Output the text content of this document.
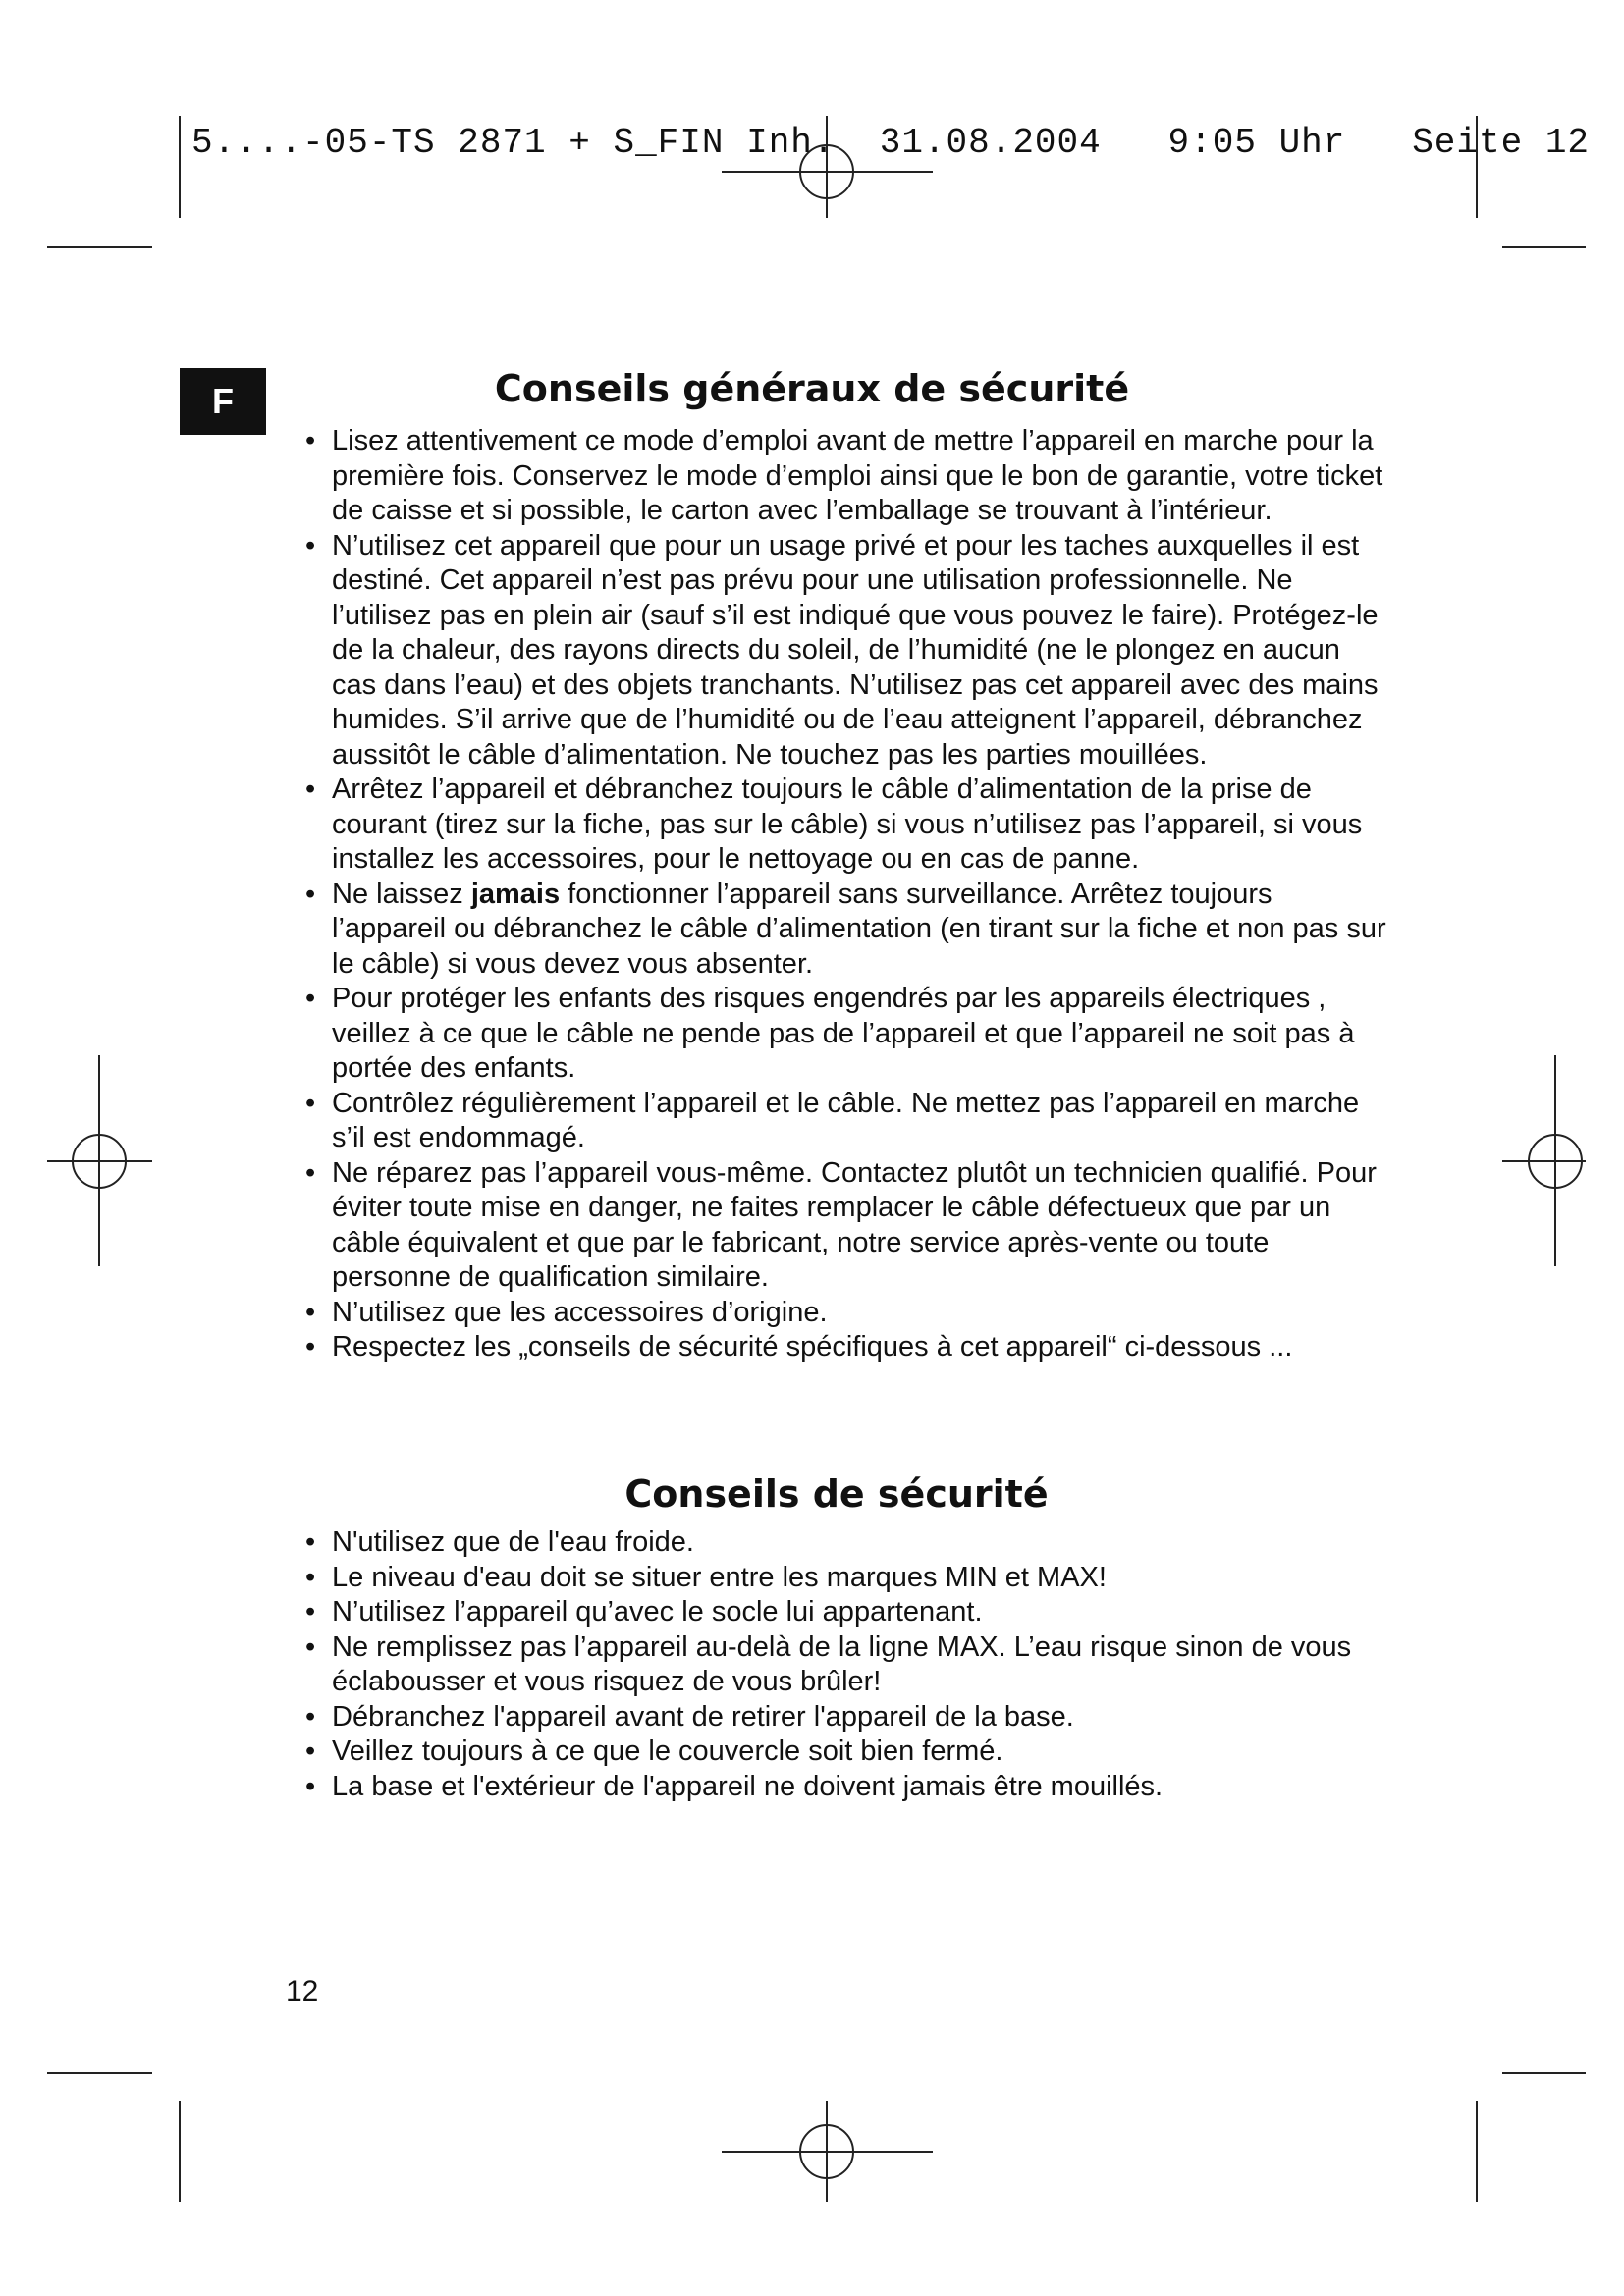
5....-05-TS 2871 + S_FIN Inh.  31.08.2004   9:05 Uhr   Seite 12
F	Conseils généraux de sécurité
• Lisez attentivement ce mode d’emploi avant de mettre l’appareil en marche pour la première fois. Conservez le mode d’emploi ainsi que le bon de garantie, votre ticket de caisse et si possible, le carton avec l’emballage se trouvant à l’intérieur.
• N’utilisez cet appareil que pour un usage privé et pour les taches auxquelles il est destiné. Cet appareil n’est pas prévu pour une utilisation professionnelle. Ne l’utilisez pas en plein air (sauf s’il est indiqué que vous pouvez le faire). Protégez-le de la chaleur, des rayons directs du soleil, de l’humidité (ne le plongez en aucun cas dans l’eau) et des objets tranchants. N’utilisez pas cet appareil avec des mains humides. S’il arrive que de l’humidité ou de l’eau atteignent l’appareil, débranchez aussitôt le câble d’alimentation. Ne touchez pas les parties mouillées.
• Arrêtez l’appareil et débranchez toujours le câble d’alimentation de la prise de courant (tirez sur la fiche, pas sur le câble) si vous n’utilisez pas l’appareil, si vous installez les accessoires, pour le nettoyage ou en cas de panne.
• Ne laissez jamais fonctionner l’appareil sans surveillance. Arrêtez toujours l’appareil ou débranchez le câble d’alimentation (en tirant sur la fiche et non pas sur le câble) si vous devez vous absenter.
• Pour protéger les enfants des risques engendrés par les appareils électriques , veillez à ce que le câble ne pende pas de l’appareil et que l’appareil ne soit pas à portée des enfants.
• Contrôlez régulièrement l’appareil et le câble. Ne mettez pas l’appareil en marche s’il est endommagé.
• Ne réparez pas l’appareil vous-même. Contactez plutôt un technicien qualifié. Pour éviter toute mise en danger, ne faites remplacer le câble défectueux que par un câble équivalent et que par le fabricant, notre service après-vente ou toute personne de qualification similaire.
• N’utilisez que les accessoires d’origine.
• Respectez les „conseils de sécurité spécifiques à cet appareil“ ci-dessous ...
Conseils de sécurité
• N'utilisez que de l'eau froide.
• Le niveau d'eau doit se situer entre les marques MIN et MAX!
• N’utilisez l’appareil qu’avec le socle lui appartenant.
• Ne remplissez pas l’appareil au-delà de la ligne MAX. L’eau risque sinon de vous éclabousser et vous risquez de vous brûler!
• Débranchez l'appareil avant de retirer l'appareil de la base.
• Veillez toujours à ce que le couvercle soit bien fermé.
• La base et l'extérieur de l'appareil ne doivent jamais être mouillés.
12
